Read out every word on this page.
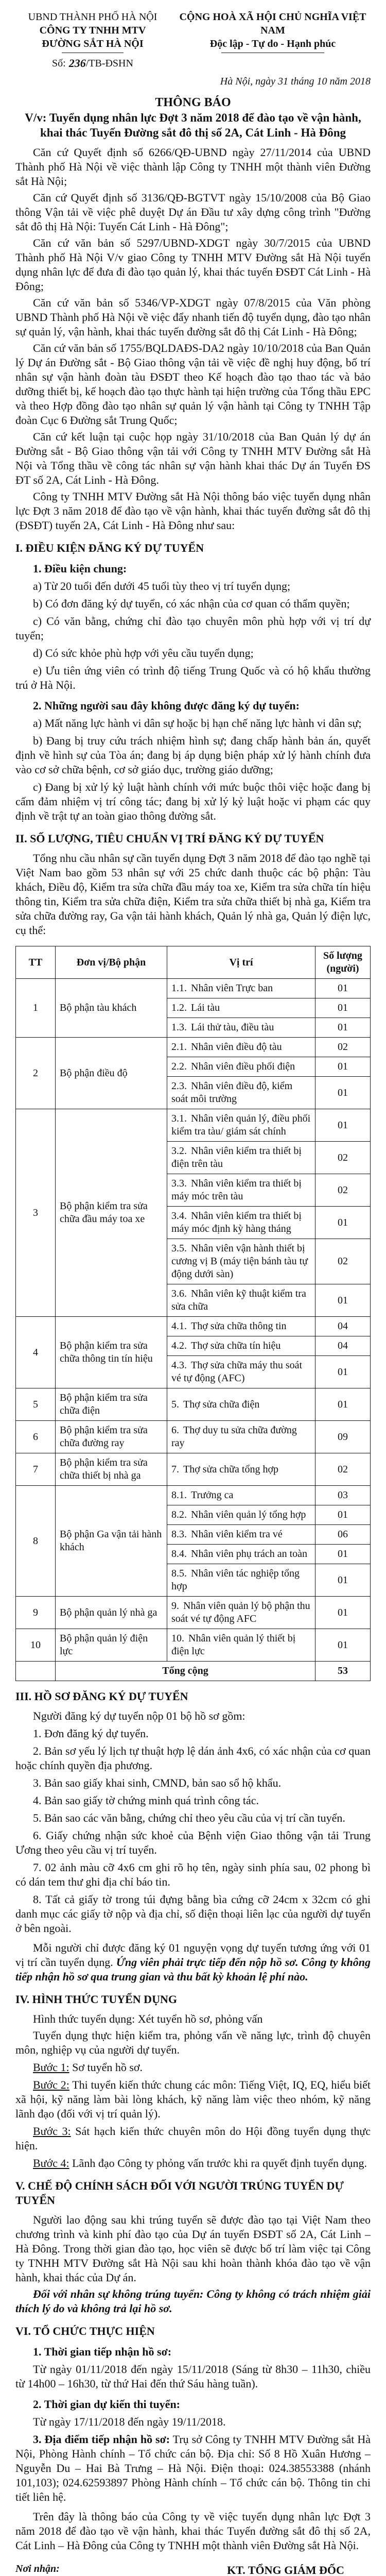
UBND THÀNH PHỐ HÀ NỘI
CÔNG TY TNHH MTV
ĐƯỜNG SẮT HÀ NỘI
Số: 236 /TB-ĐSHN
CỘNG HOÀ XÃ HỘI CHỦ NGHĨA VIỆT NAM
Độc lập - Tự do - Hạnh phúc
Hà Nội, ngày 31 tháng 10 năm 2018
THÔNG BÁO
V/v: Tuyển dụng nhân lực Đợt 3 năm 2018 để đào tạo về vận hành, khai thác Tuyến Đường sắt đô thị số 2A, Cát Linh - Hà Đông

Căn cứ Quyết định số 6266/QĐ-UBND ngày 27/11/2014 của UBND Thành phố Hà Nội về việc thành lập Công ty TNHH một thành viên Đường sắt Hà Nội;

Căn cứ Quyết định số 3136/QĐ-BGTVT ngày 15/10/2008 của Bộ Giao thông Vận tải về việc phê duyệt Dự án Đầu tư xây dựng công trình "Đường sắt đô thị Hà Nội: Tuyến Cát Linh - Hà Đông";

Căn cứ văn bản số 5297/UBND-XDGT ngày 30/7/2015 của UBND Thành phố Hà Nội V/v giao Công ty TNHH MTV Đường sắt Hà Nội tuyển dụng nhân lực để đưa đi đào tạo quản lý, khai thác tuyến ĐSĐT Cát Linh - Hà Đông;

Căn cứ văn bản số 5346/VP-XDGT ngày 07/8/2015 của Văn phòng UBND Thành phố Hà Nội về việc đẩy nhanh tiến độ tuyển dụng, đào tạo nhân sự quản lý, vận hành, khai thác tuyến đường sắt đô thị Cát Linh - Hà Đông;

Căn cứ văn bản số 1755/BQLDAĐS-DA2 ngày 10/10/2018 của Ban Quản lý Dự án Đường sắt - Bộ Giao thông vận tải về việc đề nghị huy động, bố trí nhân sự vận hành đoàn tàu ĐSĐT theo Kế hoạch đào tạo thao tác và bảo dưỡng thiết bị, kế hoạch đào tạo thực hành tại hiện trường của Tổng thầu EPC và theo Hợp đồng đào tạo nhân sự quản lý vận hành tại Công ty TNHH Tập đoàn Cục 6 Đường sắt Trung Quốc;

Căn cứ kết luận tại cuộc họp ngày 31/10/2018 của Ban Quản lý dự án Đường sắt - Bộ Giao thông vận tải với Công ty TNHH MTV Đường sắt Hà Nội và Tổng thầu về công tác nhân sự vận hành khai thác Dự án Tuyến ĐS ĐT số 2A, Cát Linh - Hà Đông.

Công ty TNHH MTV Đường sắt Hà Nội thông báo việc tuyển dụng nhân lực Đợt 3 năm 2018 để đào tạo về vận hành, khai thác tuyến đường sắt đô thị (ĐSĐT) tuyến 2A, Cát Linh - Hà Đông như sau:

I. ĐIỀU KIỆN ĐĂNG KÝ DỰ TUYỂN
1. Điều kiện chung:

a) Từ 20 tuổi đến dưới 45 tuổi tùy theo vị trí tuyển dụng;

b) Có đơn đăng ký dự tuyển, có xác nhận của cơ quan có thẩm quyền;

c) Có văn bằng, chứng chỉ đào tạo chuyên môn phù hợp với vị trí dự tuyển;

d) Có sức khỏe phù hợp với yêu cầu tuyển dụng;

e) Ưu tiên ứng viên có trình độ tiếng Trung Quốc và có hộ khẩu thường trú ở Hà Nội.

2. Những người sau đây không được đăng ký dự tuyển:

a) Mất năng lực hành vi dân sự hoặc bị hạn chế năng lực hành vi dân sự;

b) Đang bị truy cứu trách nhiệm hình sự; đang chấp hành bản án, quyết định về hình sự của Tòa án; đang bị áp dụng biện pháp xử lý hành chính đưa vào cơ sở chữa bệnh, cơ sở giáo dục, trường giáo dưỡng;

c) Đang bị xử lý kỷ luật hành chính với mức buộc thôi việc hoặc đang bị cấm đảm nhiệm vị trí công tác; đang bị xử lý kỷ luật hoặc vi phạm các quy định về trật tự an toàn giao thông đường sắt.

II. SỐ LƯỢNG, TIÊU CHUẨN VỊ TRÍ ĐĂNG KÝ DỰ TUYỂN

Tổng nhu cầu nhân sự cần tuyển dụng Đợt 3 năm 2018 để đào tạo nghề tại Việt Nam bao gồm 53 nhân sự với 25 chức danh thuộc các bộ phận: Tàu khách, Điều độ, Kiểm tra sửa chữa đầu máy toa xe, Kiểm tra sửa chữa tín hiệu thông tin, Kiểm tra sửa chữa điện, Kiểm tra sửa chữa thiết bị nhà ga, Kiểm tra sửa chữa đường ray, Ga vận tải hành khách, Quản lý nhà ga, Quản lý điện lực, cụ thể:

TT	Đơn vị/Bộ phận	Vị trí	Số lượng (người)
1	Bộ phận tàu khách	1.1. Nhân viên Trực ban	01
		1.2. Lái tàu	01
		1.3. Lái thử tàu, điều tàu	01
2	Bộ phận điều độ	2.1. Nhân viên điều độ tàu	02
		2.2. Nhân viên điều phối điện	01
		2.3. Nhân viên điều độ, kiểm soát môi trường	01
3	Bộ phận kiểm tra sửa chữa đầu máy toa xe	3.1. Nhân viên quản lý, điều phối kiểm tra tàu/ giám sát chính	01
		3.2. Nhân viên kiểm tra thiết bị điện trên tàu	02
		3.3. Nhân viên kiểm tra thiết bị máy móc trên tàu	02
		3.4. Nhân viên kiểm tra thiết bị máy móc định kỳ hàng tháng	01
		3.5. Nhân viên vận hành thiết bị cương vị B (máy tiện bánh tàu tự động dưới sàn)	02
		3.6. Nhân viên kỹ thuật kiểm tra sửa chữa	01
4	Bộ phận kiểm tra sửa chữa thông tin tín hiệu	4.1. Thợ sửa chữa thông tin	04
		4.2. Thợ sửa chữa tín hiệu	04
		4.3. Thợ sửa chữa máy thu soát vé tự động (AFC)	01
5	Bộ phận kiểm tra sửa chữa điện	5. Thợ sửa chữa điện	01
6	Bộ phận kiểm tra sửa chữa đường ray	6. Thợ duy tu sửa chữa đường ray	09
7	Bộ phận kiểm tra sửa chữa thiết bị nhà ga	7. Thợ sửa chữa tổng hợp	02
8	Bộ phận Ga vận tải hành khách	8.1. Trưởng ca	03
		8.2. Nhân viên quản lý tổng hợp	01
		8.3. Nhân viên kiểm tra vé	06
		8.4. Nhân viên phụ trách an toàn	01
		8.5. Nhân viên tác nghiệp tổng hợp	01
9	Bộ phận quản lý nhà ga	9. Nhân viên quản lý bộ phận thu soát vé tự động AFC	01
10	Bộ phận quản lý điện lực	10. Nhân viên quản lý thiết bị điện lực	01
	Tổng cộng		53
III. HỒ SƠ ĐĂNG KÝ DỰ TUYỂN

Người đăng ký dự tuyển nộp 01 bộ hồ sơ gồm:

1. Đơn đăng ký dự tuyển.

2. Bản sơ yếu lý lịch tự thuật hợp lệ dán ảnh 4x6, có xác nhận của cơ quan hoặc chính quyền địa phương.

3. Bản sao giấy khai sinh, CMND, bản sao sổ hộ khẩu.

4. Bản sao giấy tờ chứng minh quá trình công tác.

5. Bản sao các văn bằng, chứng chỉ theo yêu cầu của vị trí cần tuyển.

6. Giấy chứng nhận sức khoẻ của Bệnh viện Giao thông vận tải Trung Ương theo yêu cầu vị trí tuyển.

7. 02 ảnh màu cỡ 4x6 cm ghi rõ họ tên, ngày sinh phía sau, 02 phong bì có dán tem thư ghi địa chỉ báo tin.

8. Tất cả giấy tờ trong túi đựng bằng bìa cứng cỡ 24cm x 32cm có ghi danh mục các giấy tờ nộp và địa chỉ, số điện thoại liên lạc của người dự tuyển ở bên ngoài.

Mỗi người chỉ được đăng ký 01 nguyện vọng dự tuyển tương ứng với 01 vị trí cần tuyển dụng. Ứng viên phải trực tiếp đến nộp hồ sơ. Công ty không tiếp nhận hồ sơ qua trung gian và thu bất kỳ khoản lệ phí nào.

IV. HÌNH THỨC TUYỂN DỤNG

Hình thức tuyển dụng: Xét tuyển hồ sơ, phỏng vấn

Tuyển dụng thực hiện kiểm tra, phỏng vấn về năng lực, trình độ chuyên môn, nghiệp vụ của người dự tuyển.

Bước 1: Sơ tuyển hồ sơ.

Bước 2: Thi tuyển kiến thức chung các môn: Tiếng Việt, IQ, EQ, hiểu biết xã hội, kỹ năng làm bài lòng khách, kỹ năng làm việc theo nhóm, kỹ năng lãnh đạo (đối với vị trí quản lý).

Bước 3: Sát hạch kiến thức chuyên môn do Hội đồng tuyển dụng thực hiện.

Bước 4: Lãnh đạo Công ty phỏng vấn trước khi ra quyết định tuyển dụng.

V. CHẾ ĐỘ CHÍNH SÁCH ĐỐI VỚI NGƯỜI TRÚNG TUYỂN DỰ TUYỂN

Người lao động sau khi trúng tuyển sẽ được đào tạo tại Việt Nam theo chương trình và kinh phí đào tạo của Dự án tuyến ĐSĐT số 2A, Cát Linh – Hà Đông. Trong thời gian đào tạo, học viên sẽ được bố trí làm việc tại Công ty TNHH MTV Đường sắt Hà Nội sau khi hoàn thành khóa đào tạo về vận hành, khai thác của Dự án.

Đối với nhân sự không trúng tuyển: Công ty không có trách nhiệm giải thích lý do và không trả lại hồ sơ.

VI. TỔ CHỨC THỰC HIỆN
1. Thời gian tiếp nhận hồ sơ:

Từ ngày 01/11/2018 đến ngày 15/11/2018 (Sáng từ 8h30 – 11h30, chiều từ 14h00 – 16h30, từ thứ Hai đến thứ Sáu hàng tuần).

2. Thời gian dự kiến thi tuyển:

Từ ngày 17/11/2018 đến ngày 19/11/2018.

3. Địa điểm tiếp nhận hồ sơ: Trụ sở Công ty TNHH MTV Đường sắt Hà Nội, Phòng Hành chính – Tổ chức cán bộ. Địa chỉ: Số 8 Hồ Xuân Hương – Nguyễn Du – Hai Bà Trưng – Hà Nội. Điện thoại: 024.38553388 (nhánh 101,103); 024.62593897 Phòng Hành chính – Tổ chức cán bộ. Thông tin chi tiết liên hệ.

Trên đây là thông báo của Công ty về việc tuyển dụng nhân lực Đợt 3 năm 2018 để đào tạo về vận hành, khai thác Tuyến đường sắt đô thị số 2A, Cát Linh – Hà Đông của Công ty TNHH một thành viên Đường sắt Hà Nội.

Nơi nhận:	KT. TỔNG GIÁM ĐỐC
